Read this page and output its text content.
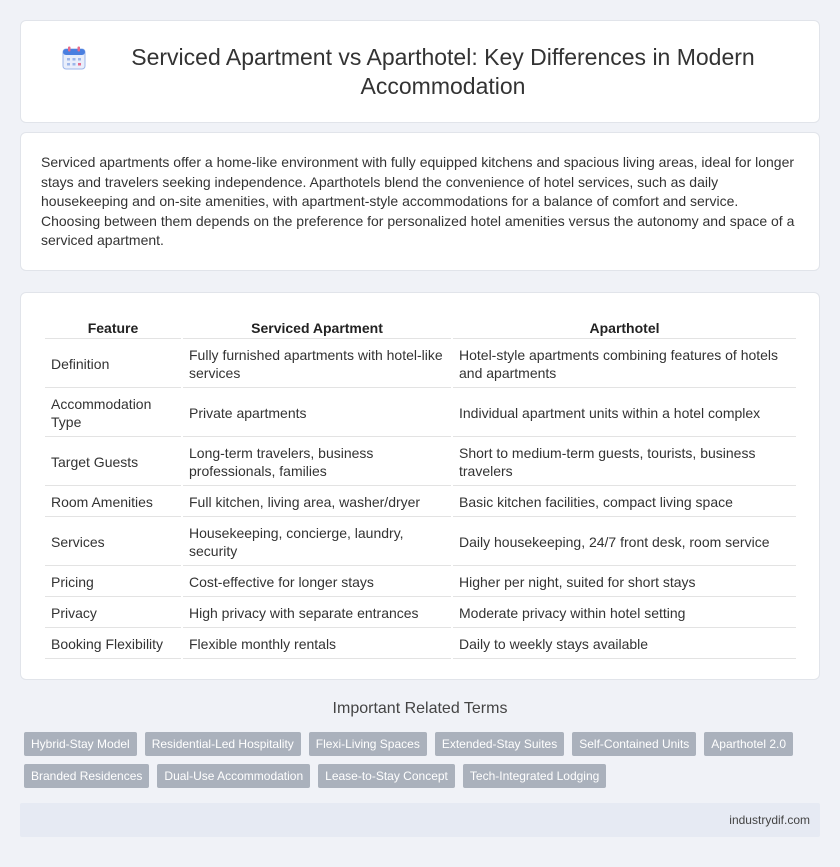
Serviced Apartment vs Aparthotel: Key Differences in Modern Accommodation

Serviced apartments offer a home-like environment with fully equipped kitchens and spacious living areas, ideal for longer stays and travelers seeking independence. Aparthotels blend the convenience of hotel services, such as daily housekeeping and on-site amenities, with apartment-style accommodations for a balance of comfort and service. Choosing between them depends on the preference for personalized hotel amenities versus the autonomy and space of a serviced apartment.

Feature	Serviced Apartment	Aparthotel
Definition	Fully furnished apartments with hotel-like services	Hotel-style apartments combining features of hotels and apartments
Accommodation Type	Private apartments	Individual apartment units within a hotel complex
Target Guests	Long-term travelers, business professionals, families	Short to medium-term guests, tourists, business travelers
Room Amenities	Full kitchen, living area, washer/dryer	Basic kitchen facilities, compact living space
Services	Housekeeping, concierge, laundry, security	Daily housekeeping, 24/7 front desk, room service
Pricing	Cost-effective for longer stays	Higher per night, suited for short stays
Privacy	High privacy with separate entrances	Moderate privacy within hotel setting
Booking Flexibility	Flexible monthly rentals	Daily to weekly stays available
Important Related Terms
Hybrid-Stay Model	Residential-Led Hospitality	Flexi-Living Spaces	Extended-Stay Suites	Self-Contained Units	Aparthotel 2.0
Branded Residences	Dual-Use Accommodation	Lease-to-Stay Concept	Tech-Integrated Lodging
industrydif.com
